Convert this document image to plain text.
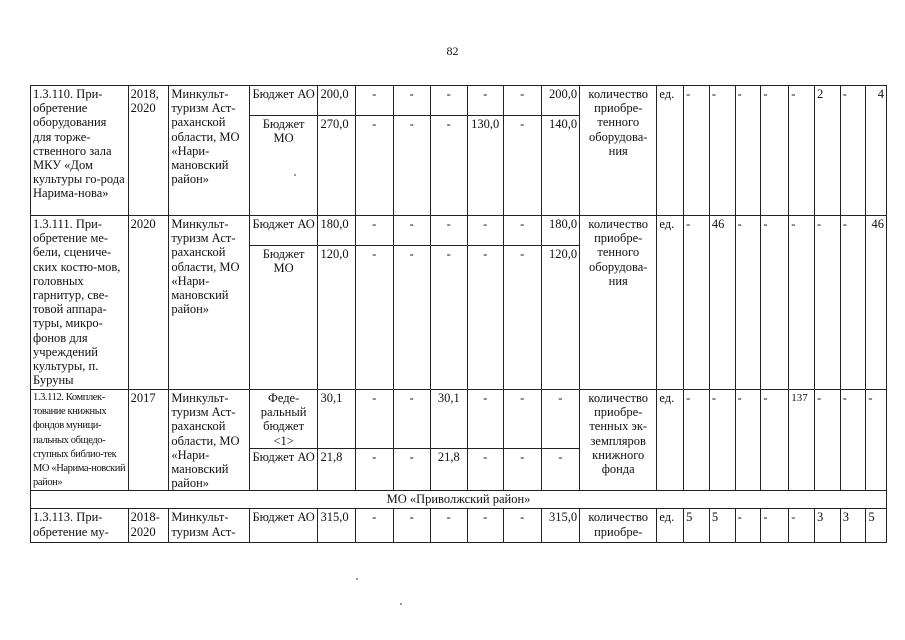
82
1.3.110. При-обретение оборудования для торже-ственного зала МКУ «Дом культуры го-рода Нарима-нова»	2018, 2020	Минкульт-туризм Аст-раханской области, МО «Нари-мановский район»	Бюджет АО	200,0	-	-	-	-	-	200,0	количество приобре-тенного оборудова-ния	ед.	-	-	-	-	-	2	-	4
			Бюджет МО	270,0	-	-	-	130,0	-	140,0										
1.3.111. При-обретение ме-бели, сцениче-ских костю-мов, головных гарнитур, све-товой аппара-туры, микро-фонов для учреждений культуры, п. Буруны	2020	Минкульт-туризм Аст-раханской области, МО «Нари-мановский район»	Бюджет АО	180,0	-	-	-	-	-	180,0	количество приобре-тенного оборудова-ния	ед.	-	46	-	-	-	-	-	46
			Бюджет МО	120,0	-	-	-	-	-	120,0										
1.3.112. Комплек-тование книжных фондов муници-пальных общедо-ступных библио-тек МО «Нарима-новский район»	2017	Минкульт-туризм Аст-раханской области, МО «Нари-мановский район»	Феде-ральный бюджет <1>	30,1	-	-	30,1	-	-	-	количество приобре-тенных эк-земпляров книжного фонда	ед.	-	-	-	-	137	-	-	-
			Бюджет АО	21,8	-	-	21,8	-	-	-										
МО «Приволжский район»																				
1.3.113. При-обретение му-	2018-2020	Минкульт-туризм Аст-	Бюджет АО	315,0	-	-	-	-	-	315,0	количество приобре-	ед.	5	5	-	-	-	3	3	5
